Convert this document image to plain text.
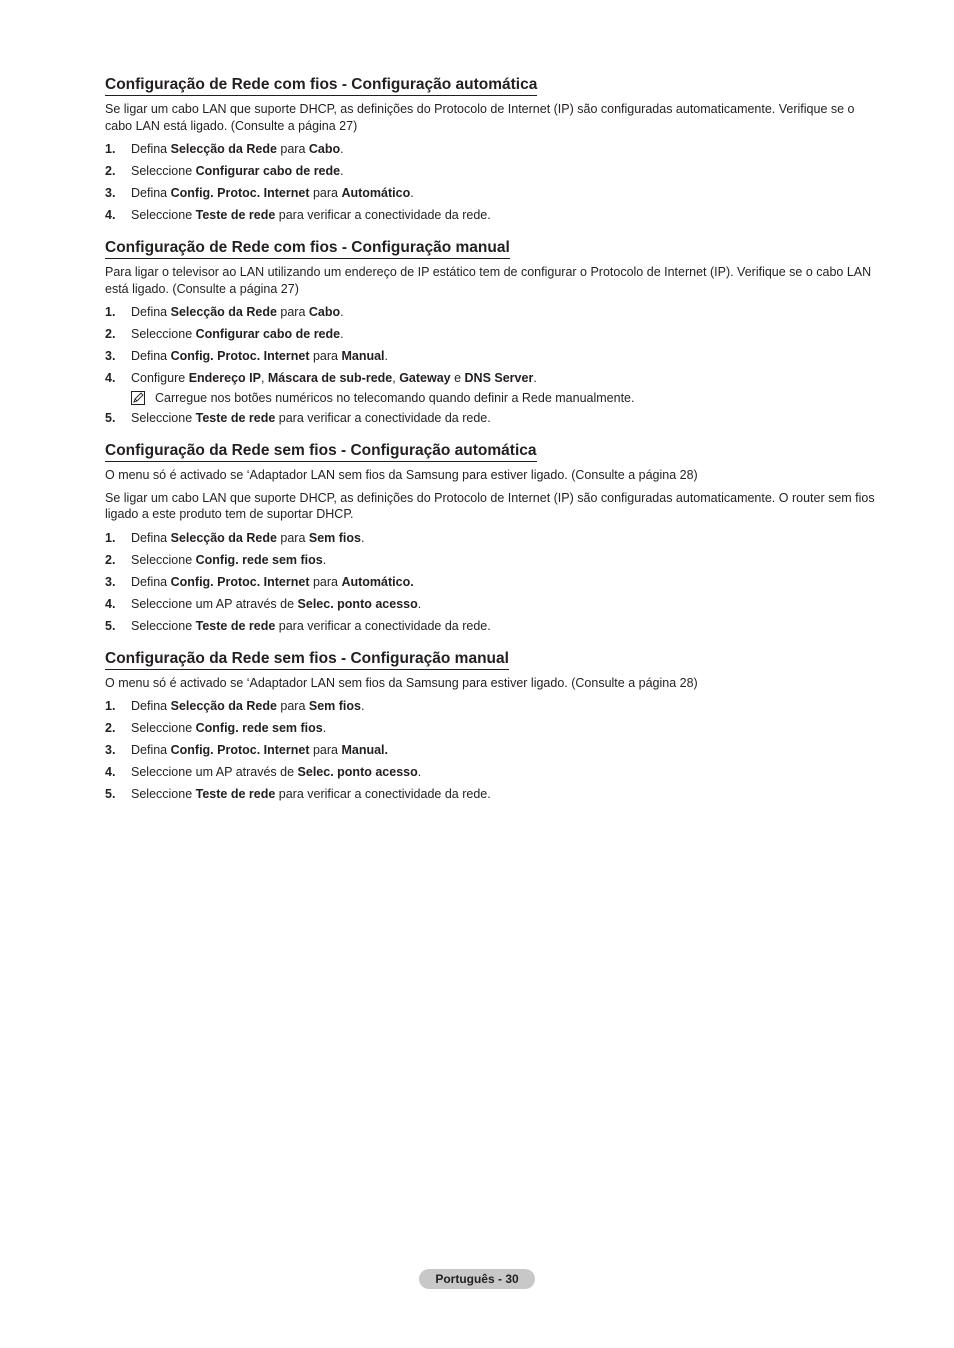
Configuração de Rede com fios - Configuração automática

Se ligar um cabo LAN que suporte DHCP, as definições do Protocolo de Internet (IP) são configuradas automaticamente. Verifique se o cabo LAN está ligado. (Consulte a página 27)

1. Defina Selecção da Rede para Cabo.
2. Seleccione Configurar cabo de rede.
3. Defina Config. Protoc. Internet para Automático.
4. Seleccione Teste de rede para verificar a conectividade da rede.
Configuração de Rede com fios - Configuração manual

Para ligar o televisor ao LAN utilizando um endereço de IP estático tem de configurar o Protocolo de Internet (IP). Verifique se o cabo LAN está ligado. (Consulte a página 27)

1. Defina Selecção da Rede para Cabo.
2. Seleccione Configurar cabo de rede.
3. Defina Config. Protoc. Internet para Manual.
4. Configure Endereço IP, Máscara de sub-rede, Gateway e DNS Server.
Carregue nos botões numéricos no telecomando quando definir a Rede manualmente.
5. Seleccione Teste de rede para verificar a conectividade da rede.
Configuração da Rede sem fios - Configuração automática

O menu só é activado se ‘Adaptador LAN sem fios da Samsung para estiver ligado. (Consulte a página 28)

Se ligar um cabo LAN que suporte DHCP, as definições do Protocolo de Internet (IP) são configuradas automaticamente. O router sem fios ligado a este produto tem de suportar DHCP.

1. Defina Selecção da Rede para Sem fios.
2. Seleccione Config. rede sem fios.
3. Defina Config. Protoc. Internet para Automático.
4. Seleccione um AP através de Selec. ponto acesso.
5. Seleccione Teste de rede para verificar a conectividade da rede.
Configuração da Rede sem fios - Configuração manual

O menu só é activado se ‘Adaptador LAN sem fios da Samsung para estiver ligado. (Consulte a página 28)

1. Defina Selecção da Rede para Sem fios.
2. Seleccione Config. rede sem fios.
3. Defina Config. Protoc. Internet para Manual.
4. Seleccione um AP através de Selec. ponto acesso.
5. Seleccione Teste de rede para verificar a conectividade da rede.
Português - 30
